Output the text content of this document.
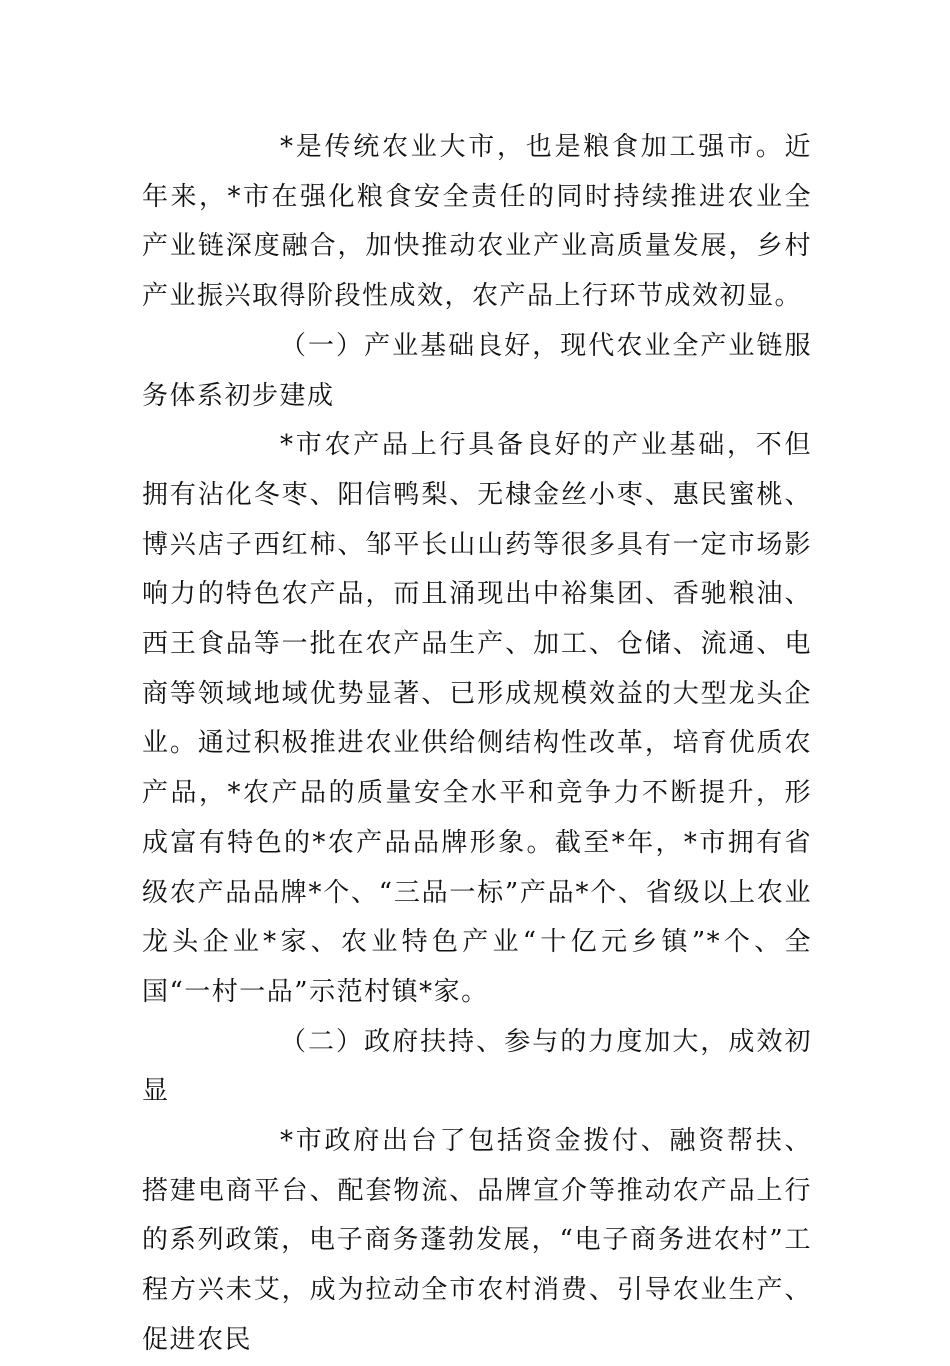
*是传统农业大市，也是粮食加工强市。近年来，*市在强化粮食安全责任的同时持续推进农业全产业链深度融合，加快推动农业产业高质量发展，乡村产业振兴取得阶段性成效，农产品上行环节成效初显。

（一）产业基础良好，现代农业全产业链服务体系初步建成

*市农产品上行具备良好的产业基础，不但拥有沾化冬枣、阳信鸭梨、无棣金丝小枣、惠民蜜桃、博兴店子西红柿、邹平长山山药等很多具有一定市场影响力的特色农产品，而且涌现出中裕集团、香驰粮油、西王食品等一批在农产品生产、加工、仓储、流通、电商等领域地域优势显著、已形成规模效益的大型龙头企业。通过积极推进农业供给侧结构性改革，培育优质农产品，*农产品的质量安全水平和竞争力不断提升，形成富有特色的*农产品品牌形象。截至*年，*市拥有省级农产品品牌*个、“三品一标”产品*个、省级以上农业龙头企业*家、农业特色产业“十亿元乡镇”*个、全国“一村一品”示范村镇*家。

（二）政府扶持、参与的力度加大，成效初显

*市政府出台了包括资金拨付、融资帮扶、搭建电商平台、配套物流、品牌宣介等推动农产品上行的系列政策，电子商务蓬勃发展，“电子商务进农村”工程方兴未艾，成为拉动全市农村消费、引导农业生产、促进农民
